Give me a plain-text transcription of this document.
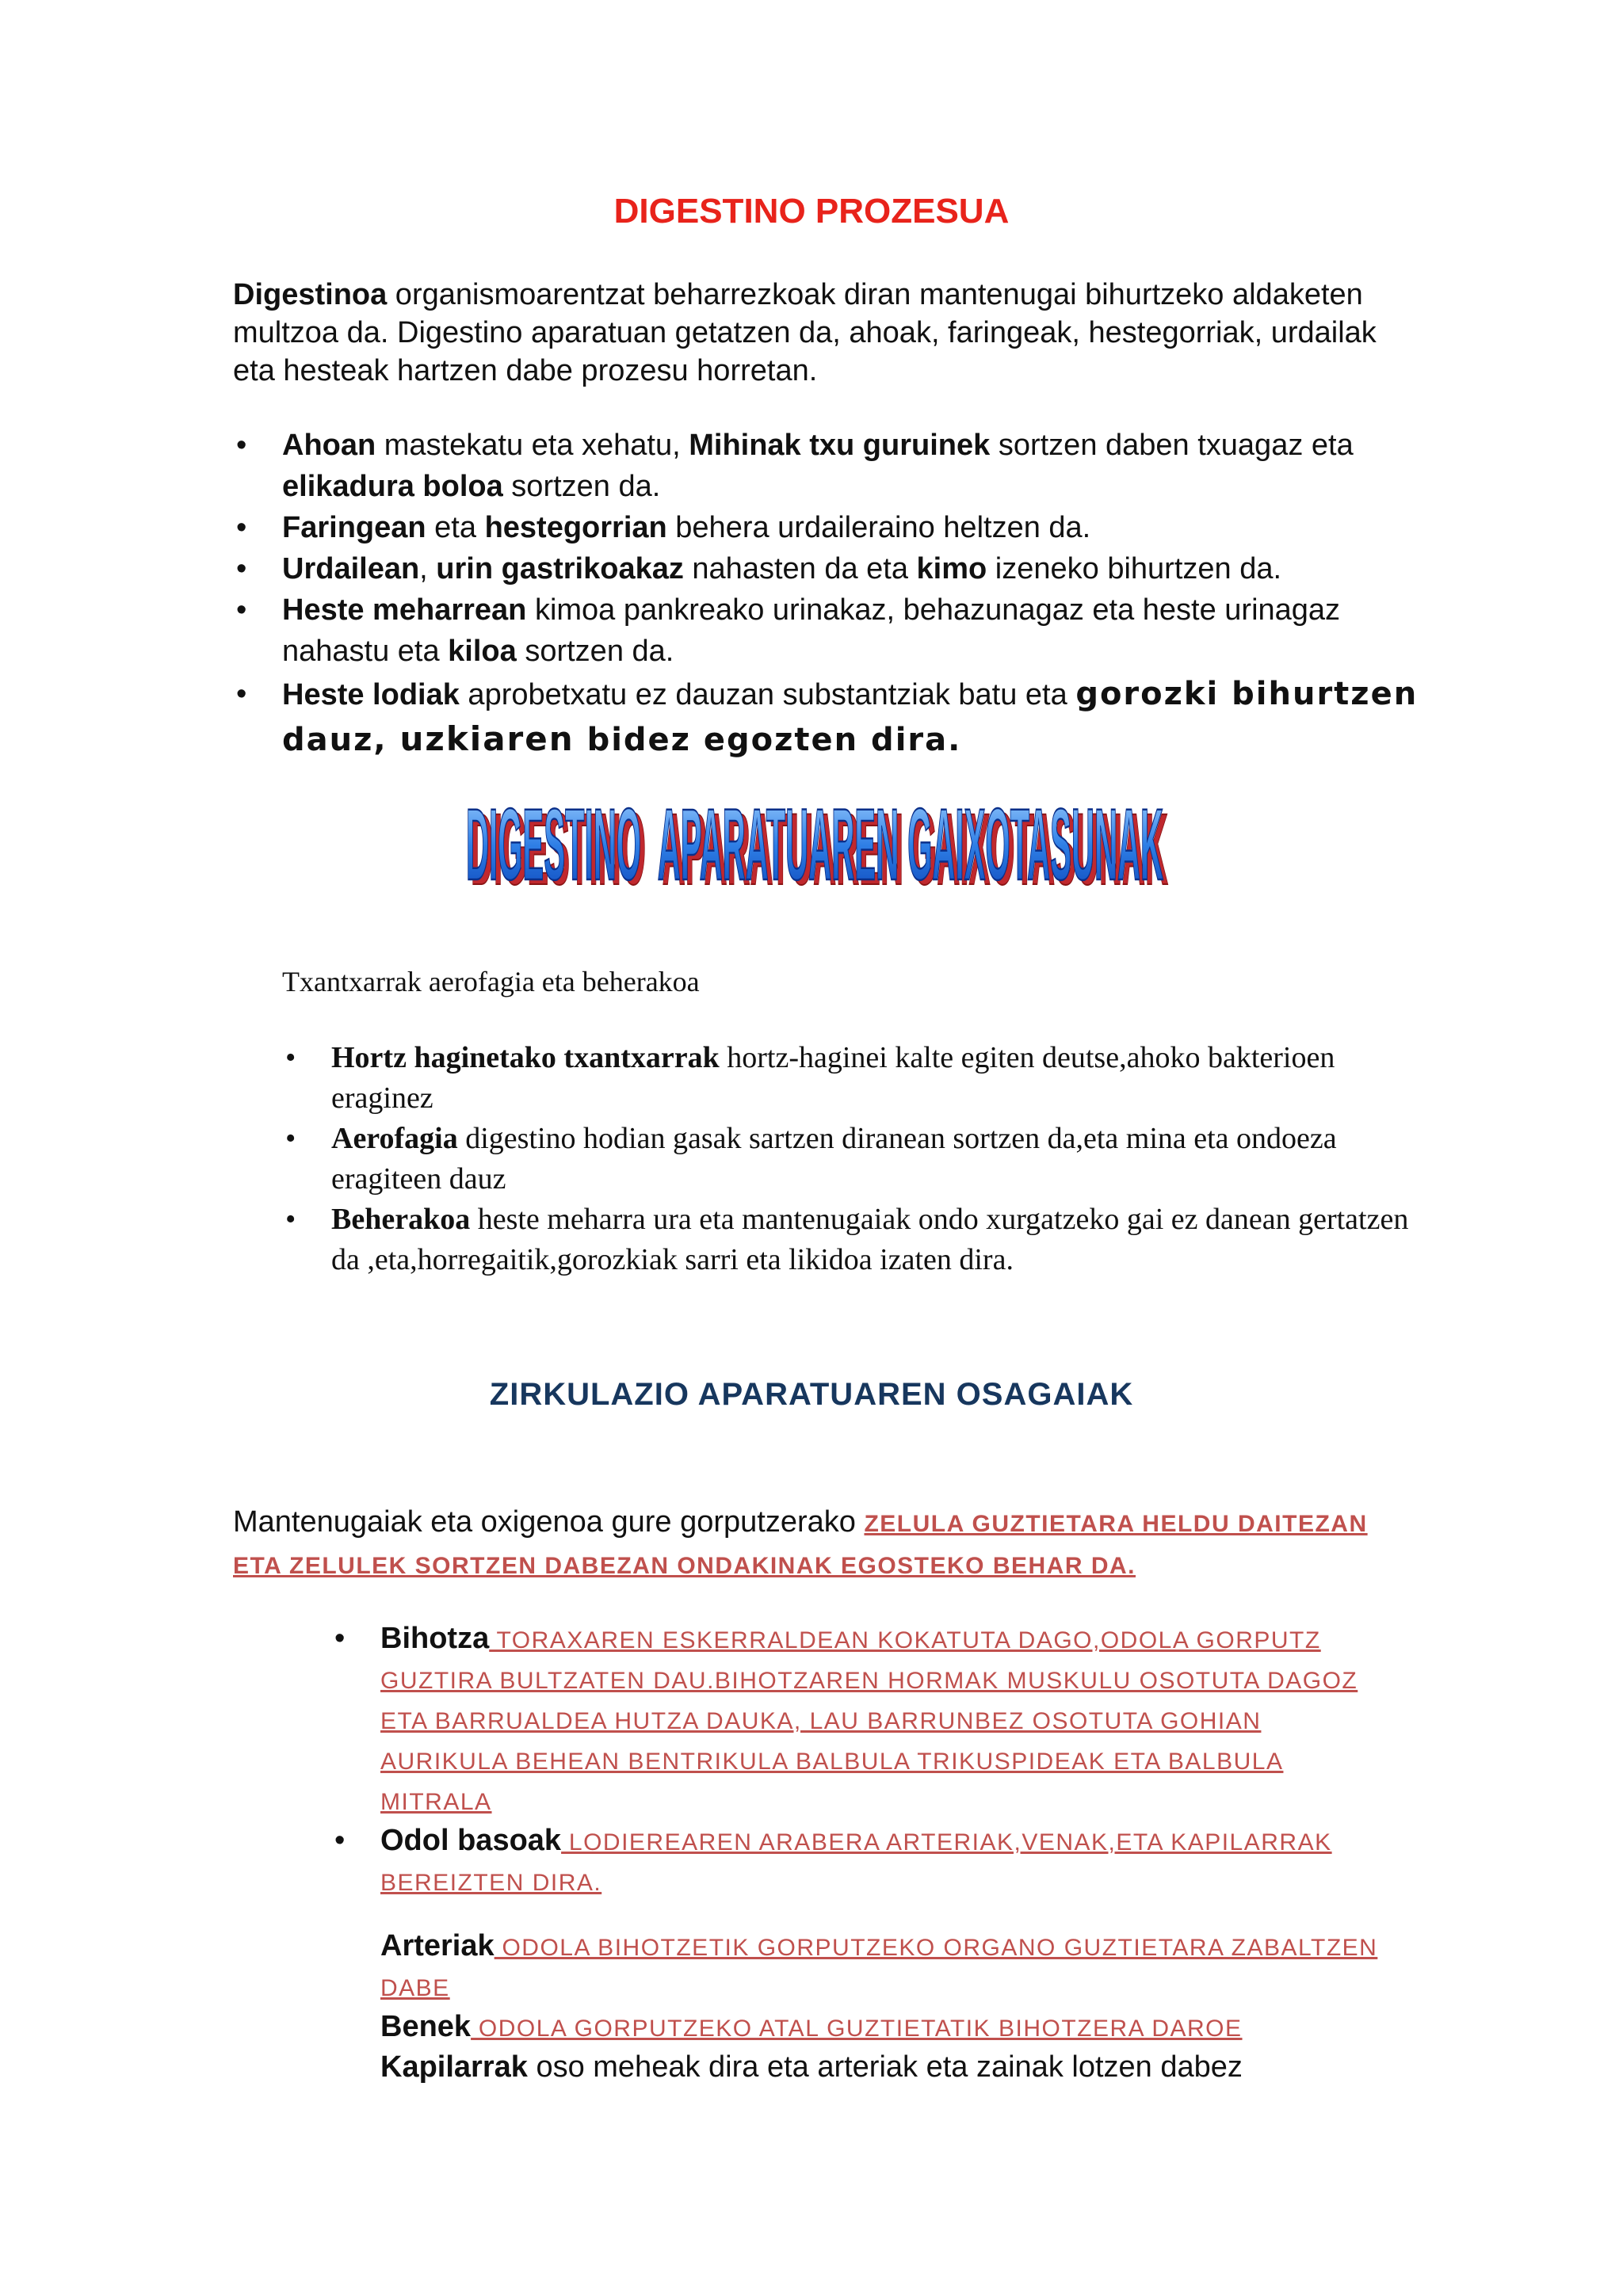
DIGESTINO PROZESUA
Digestinoa organismoarentzat beharrezkoak diran mantenugai bihurtzeko aldaketen multzoa da. Digestino aparatuan getatzen da, ahoak, faringeak, hestegorriak, urdailak eta hesteak hartzen dabe prozesu horretan.
• Ahoan mastekatu eta xehatu, Mihinak txu guruinek sortzen daben txuagaz eta elikadura boloa sortzen da.
• Faringean eta hestegorrian behera urdaileraino heltzen da.
• Urdailean, urin gastrikoakaz nahasten da eta kimo izeneko bihurtzen da.
• Heste meharrean kimoa pankreako urinakaz, behazunagaz eta heste urinagaz nahastu eta kiloa sortzen da.
• Heste lodiak aprobetxatu ez dauzan substantziak batu eta gorozki bihurtzen dauz, uzkiaren bidez egozten dira.
DIGESTINO  APARATUAREN GAIXOTASUNAK
DIGESTINO  APARATUAREN GAIXOTASUNAK
Txantxarrak aerofagia eta beherakoa
• Hortz haginetako txantxarrak hortz-haginei kalte egiten deutse,ahoko bakterioen eraginez
• Aerofagia digestino hodian gasak sartzen diranean sortzen da,eta mina eta ondoeza eragiteen dauz
• Beherakoa heste meharra ura eta mantenugaiak ondo xurgatzeko gai ez danean gertatzen da ,eta,horregaitik,gorozkiak sarri eta likidoa izaten dira.
ZIRKULAZIO APARATUAREN OSAGAIAK
Mantenugaiak eta oxigenoa gure gorputzerako ZELULA GUZTIETARA HELDU DAITEZAN ETA ZELULEK SORTZEN DABEZAN ONDAKINAK EGOSTEKO BEHAR DA.
• Bihotza TORAXAREN ESKERRALDEAN KOKATUTA DAGO,ODOLA GORPUTZ GUZTIRA BULTZATEN DAU.BIHOTZAREN HORMAK MUSKULU OSOTUTA DAGOZ ETA BARRUALDEA HUTZA DAUKA, LAU BARRUNBEZ OSOTUTA GOHIAN AURIKULA BEHEAN BENTRIKULA BALBULA TRIKUSPIDEAK ETA BALBULA MITRALA
• Odol basoak LODIEREAREN ARABERA ARTERIAK,VENAK,ETA KAPILARRAK BEREIZTEN DIRA.
Arteriak ODOLA BIHOTZETIK GORPUTZEKO ORGANO GUZTIETARA ZABALTZEN DABE
Benek ODOLA GORPUTZEKO ATAL GUZTIETATIK BIHOTZERA DAROE
Kapilarrak oso meheak dira eta arteriak eta zainak lotzen dabez
